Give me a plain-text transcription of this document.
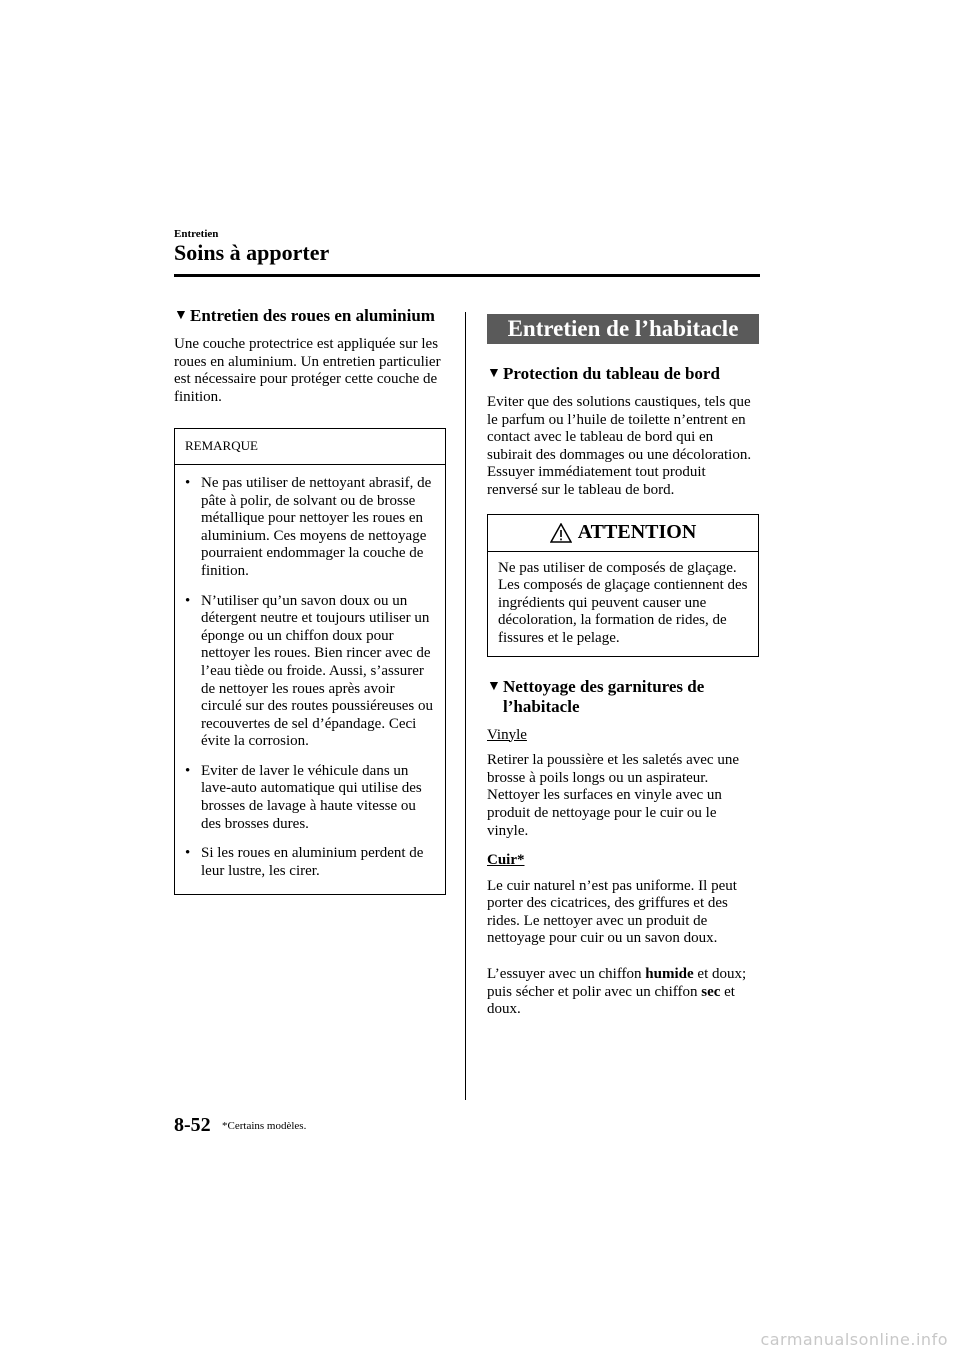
Entretien
Soins à apporter
▼ Entretien des roues en aluminium

Une couche protectrice est appliquée sur les roues en aluminium. Un entretien particulier est nécessaire pour protéger cette couche de finition.

REMARQUE
• Ne pas utiliser de nettoyant abrasif, de pâte à polir, de solvant ou de brosse métallique pour nettoyer les roues en aluminium. Ces moyens de nettoyage pourraient endommager la couche de finition.
• N’utiliser qu’un savon doux ou un détergent neutre et toujours utiliser un éponge ou un chiffon doux pour nettoyer les roues. Bien rincer avec de l’eau tiède ou froide. Aussi, s’assurer de nettoyer les roues après avoir circulé sur des routes poussiéreuses ou recouvertes de sel d’épandage. Ceci évite la corrosion.
• Eviter de laver le véhicule dans un lave-auto automatique qui utilise des brosses de lavage à haute vitesse ou des brosses dures.
• Si les roues en aluminium perdent de leur lustre, les cirer.
Entretien de l’habitacle
▼ Protection du tableau de bord

Eviter que des solutions caustiques, tels que le parfum ou l’huile de toilette n’entrent en contact avec le tableau de bord qui en subirait des dommages ou une décoloration. Essuyer immédiatement tout produit renversé sur le tableau de bord.

ATTENTION

Ne pas utiliser de composés de glaçage.

Les composés de glaçage contiennent des ingrédients qui peuvent causer une décoloration, la formation de rides, de fissures et le pelage.

▼ Nettoyage des garnitures de l’habitacle
Vinyle

Retirer la poussière et les saletés avec une brosse à poils longs ou un aspirateur. Nettoyer les surfaces en vinyle avec un produit de nettoyage pour le cuir ou le vinyle.

Cuir*

Le cuir naturel n’est pas uniforme. Il peut porter des cicatrices, des griffures et des rides. Le nettoyer avec un produit de nettoyage pour cuir ou un savon doux.

L’essuyer avec un chiffon humide et doux; puis sécher et polir avec un chiffon sec et doux.

8-52 *Certains modèles.
carmanualsonline.info
